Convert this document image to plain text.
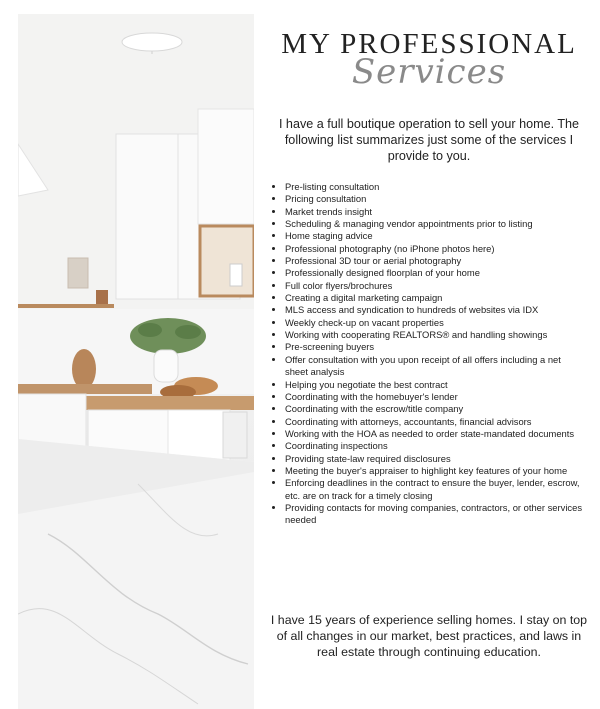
MY PROFESSIONAL
Services

I have a full boutique operation to sell your home. The following list summarizes just some of the services I provide to you.

• Pre-listing consultation
• Pricing consultation
• Market trends insight
• Scheduling & managing vendor appointments prior to listing
• Home staging advice
• Professional photography (no iPhone photos here)
• Professional 3D tour or aerial photography
• Professionally designed floorplan of your home
• Full color flyers/brochures
• Creating a digital marketing campaign
• MLS access and syndication to hundreds of websites via IDX
• Weekly check-up on vacant properties
• Working with cooperating REALTORS® and handling showings
• Pre-screening buyers
• Offer consultation with you upon receipt of all offers including a net sheet analysis
• Helping you negotiate the best contract
• Coordinating with the homebuyer's lender
• Coordinating with the escrow/title company
• Coordinating with attorneys, accountants, financial advisors
• Working with the HOA as needed to order state-mandated documents
• Coordinating inspections
• Providing state-law required disclosures
• Meeting the buyer's appraiser to highlight key features of your home
• Enforcing deadlines in the contract to ensure the buyer, lender, escrow, etc. are on track for a timely closing
• Providing contacts for moving companies, contractors, or other services needed

I have 15 years of experience selling homes. I stay on top of all changes in our market, best practices, and laws in real estate through continuing education.
